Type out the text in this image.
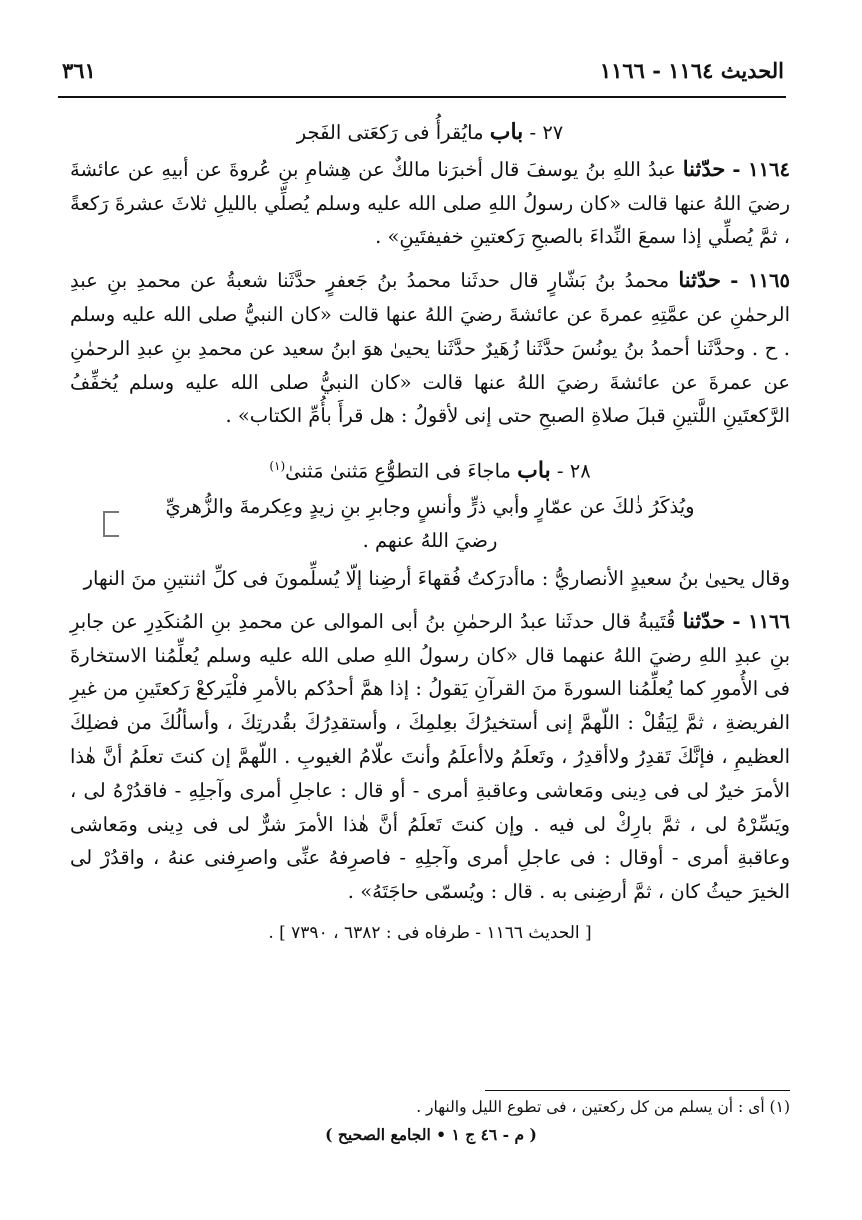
الحديث ١١٦٤ - ١١٦٦
٣٦١

٢٧ - باب مايُقرأُ فى رَكعَتى الفَجر

١١٦٤ - حدّثنا عبدُ اللهِ بنُ يوسفَ قال أخبرَنا مالكٌ عن هِشامِ بنِ عُروةَ عن أبيهِ عن عائشةَ رضيَ اللهُ عنها قالت «كان رسولُ اللهِ صلى الله عليه وسلم يُصلِّي بالليلِ ثلاثَ عشرةَ رَكعةً ، ثمَّ يُصلِّي إذا سمعَ النِّداءَ بالصبحِ رَكعتينِ خفيفتَينِ» .

١١٦٥ - حدّثنا محمدُ بنُ بَشّارٍ قال حدثَنا محمدُ بنُ جَعفرٍ حدَّثَنا شعبةُ عن محمدِ بنِ عبدِ الرحمٰنِ عن عمَّتِهِ عمرةَ عن عائشةَ رضيَ اللهُ عنها قالت «كان النبيُّ صلى الله عليه وسلم . ح . وحدَّثَنا أحمدُ بنُ يونُسَ حدَّثَنا زُهَيرٌ حدَّثَنا يحيىٰ هوَ ابنُ سعيد عن محمدِ بنِ عبدِ الرحمٰنِ عن عمرةَ عن عائشةَ رضيَ اللهُ عنها قالت «كان النبيُّ صلى الله عليه وسلم يُخفِّفُ الرَّكعتَينِ اللَّتينِ قبلَ صلاةِ الصبحِ حتى إنى لأقولُ : هل قرأَ بأُمِّ الكتاب» .

٢٨ - باب ماجاءَ فى التطوُّعِ مَثنىٰ مَثنىٰ$^{(١)}$

ويُذكَرُ ذٰلكَ عن عمّارٍ وأبي ذرٍّ وأنسٍ وجابرِ بنِ زيدٍ وعِكرمةَ والزُّهريِّ

رضيَ اللهُ عنهم .

وقال يحيىٰ بنُ سعيدٍ الأنصاريُّ : ماأدرَكتُ فُقهاءَ أرضِنا إلّا يُسلِّمونَ فى كلِّ اثنتينِ منَ النهار

١١٦٦ - حدّثنا قُتَيبةُ قال حدثَنا عبدُ الرحمٰنِ بنُ أبى الموالى عن محمدِ بنِ المُنكَدِرِ عن جابرِ بنِ عبدِ اللهِ رضيَ اللهُ عنهما قال «كان رسولُ اللهِ صلى الله عليه وسلم يُعلِّمُنا الاستخارةَ فى الأُمورِ كما يُعلِّمُنا السورةَ منَ القرآنِ يَقولُ : إذا همَّ أحدُكم بالأمرِ فلْيَركعْ رَكعتَينِ من غيرِ الفريضةِ ، ثمَّ لِيَقُلْ : اللّهمَّ إنى أستخيرُكَ بعِلمِكَ ، وأستقدِرُكَ بقُدرتِكَ ، وأسألُكَ من فضلِكَ العظيمِ ، فإنَّكَ تَقدِرُ ولاأقدِرُ ، وتَعلَمُ ولاأعلَمُ وأنتَ علّامُ الغيوبِ . اللّهمَّ إن كنتَ تعلَمُ أنَّ هٰذا الأمرَ خيرٌ لى فى دِينى ومَعاشى وعاقبةِ أمرى - أو قال : عاجلِ أمرى وآجلِهِ - فاقدُرْهُ لى ، ويَسِّرْهُ لى ، ثمَّ بارِكْ لى فيه . وإن كنتَ تَعلَمُ أنَّ هٰذا الأمرَ شرٌّ لى فى دِينى ومَعاشى وعاقبةِ أمرى - أوقال : فى عاجلِ أمرى وآجلِهِ - فاصرِفهُ عنِّى واصرِفنى عنهُ ، واقدُرْ لى الخيرَ حيثُ كان ، ثمَّ أرضِنى به . قال : ويُسمّى حاجَتَهُ» .

[ الحديث ١١٦٦ - طرفاه فى : ٦٣٨٢ ، ٧٣٩٠ ] .

(١) أى : أن يسلم من كل ركعتين ، فى تطوع الليل والنهار .

( م - ٤٦ ج ١ • الجامع الصحيح )
